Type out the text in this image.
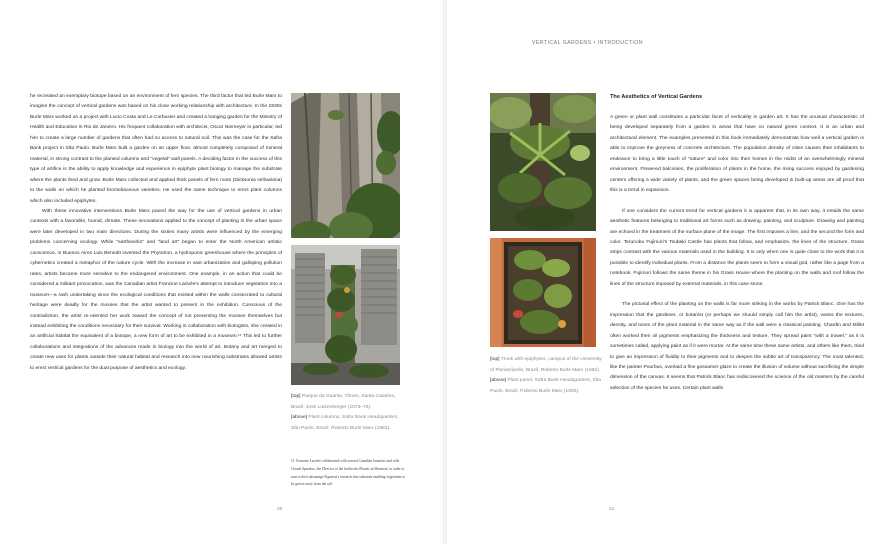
VERTICAL GARDENS • INTRODUCTION

he recreated an exemplary biotope based on an environment of fern species. The third factor that led Burle Marx to imagine the concept of vertical gardens was based on his close working relationship with architecture. In the 1930s Burle Marx worked on a project with Lucio Costa and Le Corbusier and created a hanging garden for the Ministry of Health and Education in Rio de Janeiro. His frequent collaboration with architects, Oscar Niemeyer in particular, led him to create a large number of gardens that often had no access to natural soil. This was the case for the Safra Bank project in São Paolo. Burle Marx built a garden on an upper floor, almost completely composed of mineral material, in strong contrast to the planted columns and "vegetal" wall panels. A deciding factor in the success of this type of artifice is the ability to apply knowledge and experience in epiphyte plant biology to manage the substrate where the plants feed and grow. Burle Marx collected and applied thick panels of fern roots (Dicksonia sellowiana) to the walls on which he planted bromeliaceous varieties. He used the same technique to erect plant columns which also included epiphytes.

With these innovative interventions Burle Marx paved the way for the use of vertical gardens in urban contexts with a favorable, humid, climate. These innovations applied to the concept of planting in the urban space were later developed in two main directions. During the sixties many artists were influenced by the emerging problems concerning ecology. While "earthworks" and "land art" began to enter the North American artistic conscience, in Buenos Aires Luis Benedit invented the Phytotron, a hydroponic greenhouse where the principles of cybernetics created a metaphor of the nature cycle. With the increase in vast urbanization and galloping pollution rates, artists became more sensitive to the endangered environment. One example, in an action that could be considered a militant provocation, was the Canadian artist Francine Larivée's attempt to introduce vegetation into a museum—a rash undertaking since the ecological conditions that existed within the walls consecrated to cultural heritage were deadly for the mosses that the artist wanted to present in the exhibition. Conscious of the contradiction, the artist re-oriented her work toward the concept of not presenting the mosses themselves but instead exhibiting the conditions necessary for their survival. Working in collaboration with biologists, she created in an artificial habitat the equivalent of a biotope, a new form of art to be exhibited in a museum.¹¹ This led to further collaborations and integrations of the advances made in biology into the world of art. Botany and art merged to create new uses for plants outside their natural habitat and research into new nourishing substrates allowed artists to erect vertical gardens for the dual purpose of aesthetics and ecology.

[top] Parque da Guarita, Tôrres, Santa Catarina, Brazil, José Lutzenberger (1973–78).
[above] Plant columns, Safra Bank Headquarters, São Paolo, Brazil, Roberto Burle Marx (1983).
11. Francine Larivée collaborated with several Canadian botanists and with Claude Sperieux, the Director of the Jardin des Plantes in Montreal, in order to turn to their advantage Figueroa's research into substrate enabling vegetation to be grown away from the soil.
20
[top] Trunk with epiphytes, campus of the University of Florianópolis, Brazil, Roberto Burle Marx (1982).
[above] Plant panel, Safra Bank Headquarters, São Paolo, Brazil, Roberto Burle Marx (1983).
The Aesthetics of Vertical Gardens

A green or plant wall constitutes a particular facet of verticality in garden art. It has the unusual characteristic of being developed separately from a garden in areas that have no natural green context. It is an urban and architectural element. The examples presented in this book immediately demonstrate how well a vertical garden is able to improve the greyness of concrete architecture. The population density of cities causes their inhabitants to endeavor to bring a little touch of "nature" and color into their homes in the midst of an overwhelmingly mineral environment. Flowered balconies, the proliferation of plants in the home, the rising success enjoyed by gardening centers offering a wide variety of plants, and the green spaces being developed in built-up areas are all proof that this is a trend in expansion.

If one considers the current trend for vertical gardens it is apparent that, in its own way, it entails the same aesthetic features belonging to traditional art forms such as drawing, painting, and sculpture. Drawing and painting are echoed in the treatment of the surface plane of the image. The first imposes a line, and the second the form and color. Terunobu Fujimori's Tsubaki Castle has plants that follow, and emphasize, the lines of the structure. Grass strips contrast with the various materials used in the building. It is only when one is quite close to the work that it is possible to identify individual plants. From a distance the plants seem to form a visual grid, rather like a page from a notebook. Fujimori follows the same theme in his Grass House where the planting on the walls and roof follow the lines of the structure imposed by external materials, in this case stone.

The pictorial effect of the planting on the walls is far more striking in the works by Patrick Blanc. One has the impression that the gardener, or botanist (or perhaps we should simply call him the artist), varies the textures, density, and tones of the plant material in the same way as if the wall were a classical painting. Chardin and Millet often worked their oil pigments emphasizing the thickness and texture. They spread paint "with a trowel," as it is sometimes called, applying paint as if it were mortar. At the same time these same artists, and others like them, tried to give an impression of fluidity to their pigments and to deepen the subtle art of transparency. The most talented, like the painter Pourbus, overlaid a fine gossamer glaze to create the illusion of volume without sacrificing the simple dimension of the canvas. It seems that Patrick Blanc has rediscovered the science of the old masters by the careful selection of the species he uses. Certain plant walls

21
